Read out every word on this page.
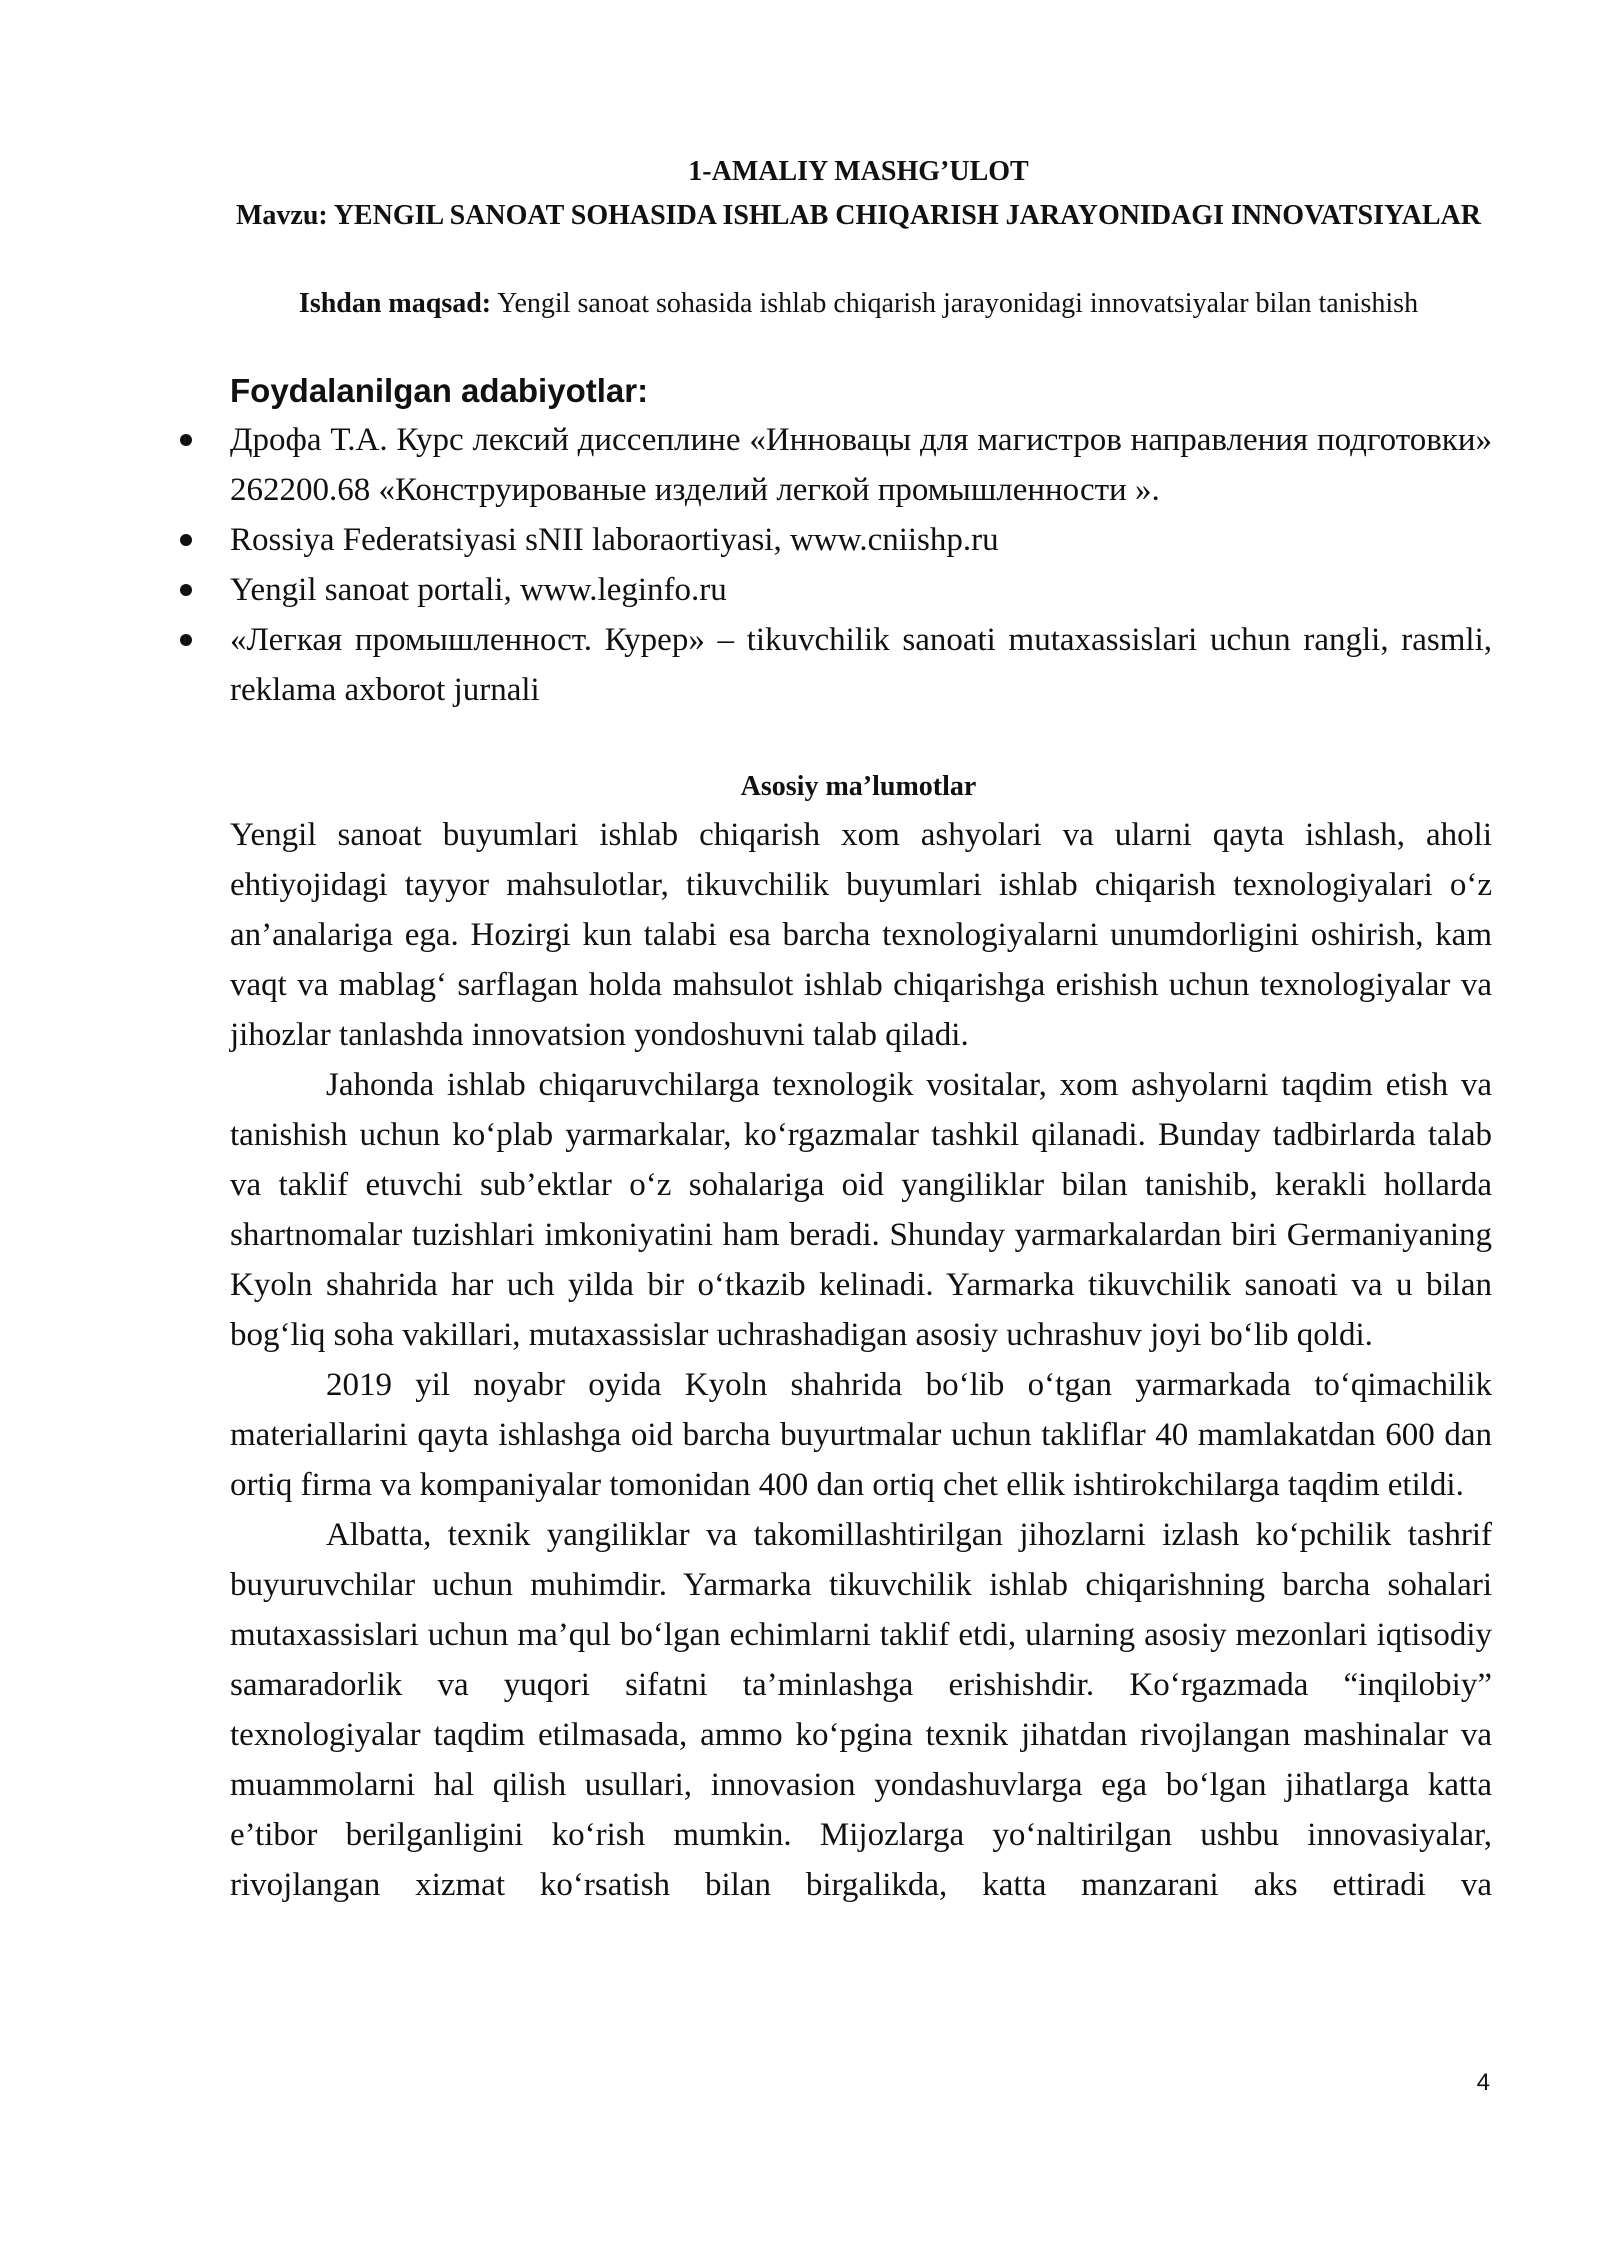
1-AMALIY MASHG’ULOT

Mavzu: YENGIL SANOAT SOHASIDA ISHLAB CHIQARISH JARAYONIDAGI INNOVATSIYALAR

Ishdan maqsad: Yengil sanoat sohasida ishlab chiqarish jarayonidagi innovatsiyalar bilan tanishish

Foydalanilgan adabiyotlar:

Дрофа Т.А. Курс лексий диссеплине «Инновацы для магистров направления подготовки» 262200.68 «Конструированые изделий легкой промышленности ».
Rossiya Federatsiyasi sNII laboraortiyasi, www.cniishp.ru
Yengil sanoat portali, www.leginfo.ru
«Легкая промышленност. Курер» – tikuvchilik sanoati mutaxassislari uchun rangli, rasmli, reklama axborot jurnali

Asosiy ma’lumotlar

Yengil sanoat buyumlari ishlab chiqarish xom ashyolari va ularni qayta ishlash, aholi ehtiyojidagi tayyor mahsulotlar, tikuvchilik buyumlari ishlab chiqarish texnologiyalari o‘z an’analariga ega. Hozirgi kun talabi esa barcha texnologiyalarni unumdorligini oshirish, kam vaqt va mablag‘ sarflagan holda mahsulot ishlab chiqarishga erishish uchun texnologiyalar va jihozlar tanlashda innovatsion yondoshuvni talab qiladi.

Jahonda ishlab chiqaruvchilarga texnologik vositalar, xom ashyolarni taqdim etish va tanishish uchun ko‘plab yarmarkalar, ko‘rgazmalar tashkil qilanadi. Bunday tadbirlarda talab va taklif etuvchi sub’ektlar o‘z sohalariga oid yangiliklar bilan tanishib, kerakli hollarda shartnomalar tuzishlari imkoniyatini ham beradi. Shunday yarmarkalardan biri Germaniyaning Kyoln shahrida har uch yilda bir o‘tkazib kelinadi. Yarmarka tikuvchilik sanoati va u bilan bog‘liq soha vakillari, mutaxassislar uchrashadigan asosiy uchrashuv joyi bo‘lib qoldi.

2019 yil noyabr oyida Kyoln shahrida bo‘lib o‘tgan yarmarkada to‘qimachilik materiallarini qayta ishlashga oid barcha buyurtmalar uchun takliflar 40 mamlakatdan 600 dan ortiq firma va kompaniyalar tomonidan 400 dan ortiq chet ellik ishtirokchilarga taqdim etildi.

Albatta, texnik yangiliklar va takomillashtirilgan jihozlarni izlash ko‘pchilik tashrif buyuruvchilar uchun muhimdir. Yarmarka tikuvchilik ishlab chiqarishning barcha sohalari mutaxassislari uchun ma’qul bo‘lgan echimlarni taklif etdi, ularning asosiy mezonlari iqtisodiy samaradorlik va yuqori sifatni ta’minlashga erishishdir. Ko‘rgazmada “inqilobiy” texnologiyalar taqdim etilmasada, ammo ko‘pgina texnik jihatdan rivojlangan mashinalar va muammolarni hal qilish usullari, innovasion yondashuvlarga ega bo‘lgan jihatlarga katta e’tibor berilganligini ko‘rish mumkin. Mijozlarga yo‘naltirilgan ushbu innovasiyalar, rivojlangan xizmat ko‘rsatish bilan birgalikda, katta manzarani aks ettiradi va

4
